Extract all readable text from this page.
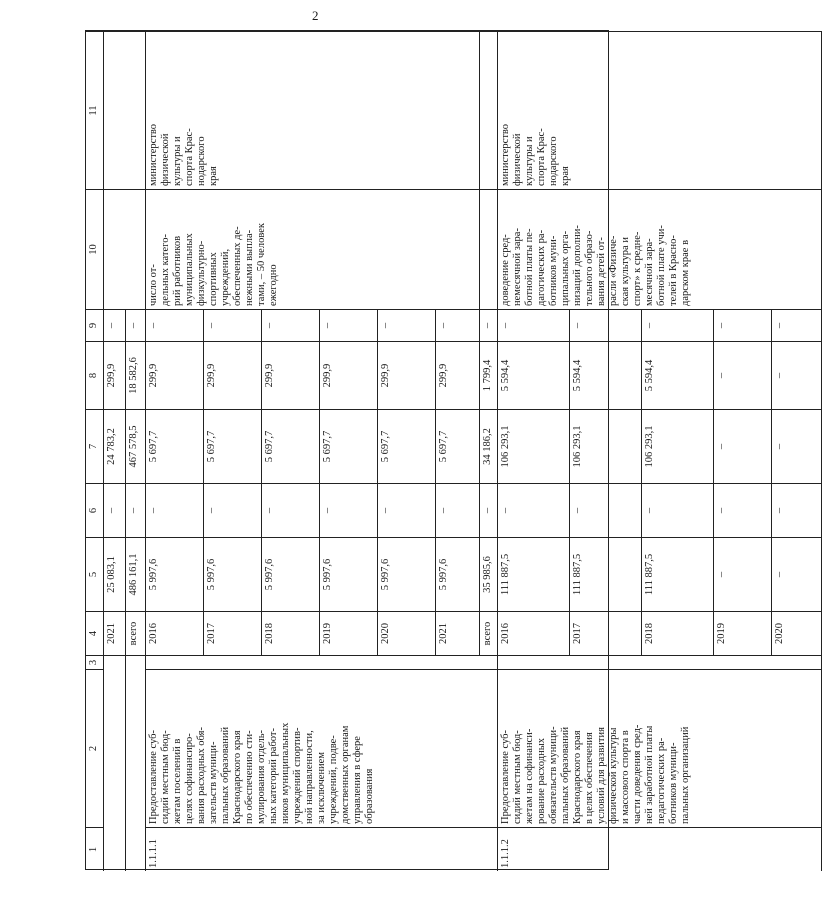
2
1
2
3
4
5
6
7
8
9
10
11
1.1.1.1
Предоставление суб-
сидий местным бюд-
жетам поселений в
целях софинансиро-
вания расходных обя-
зательств муници-
пальных образований
Краснодарского края
по обеспечению сти-
мулирования отдель-
ных категорий работ-
ников муниципальных
учреждений спортив-
ной направленности,
за исключением
учреждений, подве-
домственных органам
управления в сфере
образования
число от-
дельных катего-
рий работников
муниципальных
физкультурно-
спортивных
учреждений,
обеспеченных де-
нежными выпла-
тами, – 50 человек
ежегодно
министерство
физической
культуры и
спорта Крас-
нодарского
края
1.1.1.2
Предоставление суб-
сидий местным бюд-
жетам на софинанси-
рование расходных
обязательств муници-
пальных образований
Краснодарского края
в целях обеспечения
условий для развития
физической культуры
и массового спорта в
части доведения сред-
ней заработной платы
педагогических ра-
ботников муници-
пальных организаций
доведение сред-
немесячной зара-
ботной платы пе-
дагогических ра-
ботников муни-
ципальных орга-
низаций дополни-
тельного образо-
вания детей от-
расли «Физиче-
ская культура и
спорт» к средне-
месячной зара-
ботной плате учи-
телей в Красно-
дарском крае в
министерство
физической
культуры и
спорта Крас-
нодарского
края
2021
25 083,1
–
24 783,2
299,9
–
всего
486 161,1
–
467 578,5
18 582,6
–
2016
5 997,6
–
5 697,7
299,9
–
2017
5 997,6
–
5 697,7
299,9
–
2018
5 997,6
–
5 697,7
299,9
–
2019
5 997,6
–
5 697,7
299,9
–
2020
5 997,6
–
5 697,7
299,9
–
2021
5 997,6
–
5 697,7
299,9
–
всего
35 985,6
–
34 186,2
1 799,4
–
2016
111 887,5
–
106 293,1
5 594,4
–
2017
111 887,5
–
106 293,1
5 594,4
–
2018
111 887,5
–
106 293,1
5 594,4
–
2019
–
–
–
–
–
2020
–
–
–
–
–
